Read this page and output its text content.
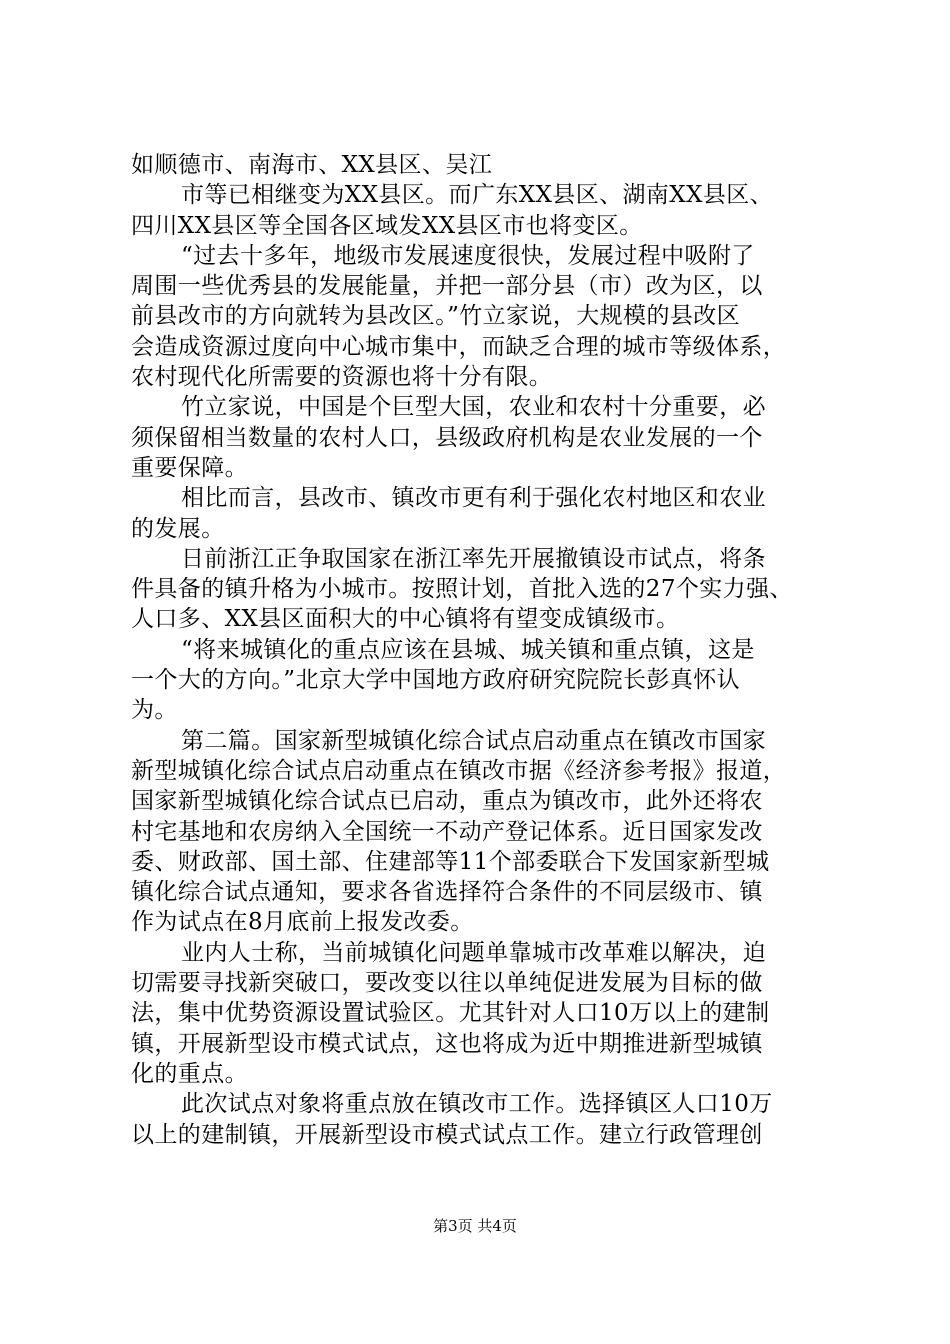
如顺德市、南海市、XX县区、吴江
市等已相继变为XX县区。而广东XX县区、湖南XX县区、
四川XX县区等全国各区域发XX县区市也将变区。
“过去十多年，地级市发展速度很快，发展过程中吸附了
周围一些优秀县的发展能量，并把一部分县（市）改为区，以
前县改市的方向就转为县改区。”竹立家说，大规模的县改区
会造成资源过度向中心城市集中，而缺乏合理的城市等级体系，
农村现代化所需要的资源也将十分有限。
竹立家说，中国是个巨型大国，农业和农村十分重要，必
须保留相当数量的农村人口，县级政府机构是农业发展的一个
重要保障。
相比而言，县改市、镇改市更有利于强化农村地区和农业
的发展。
日前浙江正争取国家在浙江率先开展撤镇设市试点，将条
件具备的镇升格为小城市。按照计划，首批入选的27个实力强、
人口多、XX县区面积大的中心镇将有望变成镇级市。
“将来城镇化的重点应该在县城、城关镇和重点镇，这是
一个大的方向。”北京大学中国地方政府研究院院长彭真怀认
为。
第二篇。国家新型城镇化综合试点启动重点在镇改市国家
新型城镇化综合试点启动重点在镇改市据《经济参考报》报道，
国家新型城镇化综合试点已启动，重点为镇改市，此外还将农
村宅基地和农房纳入全国统一不动产登记体系。近日国家发改
委、财政部、国土部、住建部等11个部委联合下发国家新型城
镇化综合试点通知，要求各省选择符合条件的不同层级市、镇
作为试点在8月底前上报发改委。
业内人士称，当前城镇化问题单靠城市改革难以解决，迫
切需要寻找新突破口，要改变以往以单纯促进发展为目标的做
法，集中优势资源设置试验区。尤其针对人口10万以上的建制
镇，开展新型设市模式试点，这也将成为近中期推进新型城镇
化的重点。
此次试点对象将重点放在镇改市工作。选择镇区人口10万
以上的建制镇，开展新型设市模式试点工作。建立行政管理创
第3页 共4页
